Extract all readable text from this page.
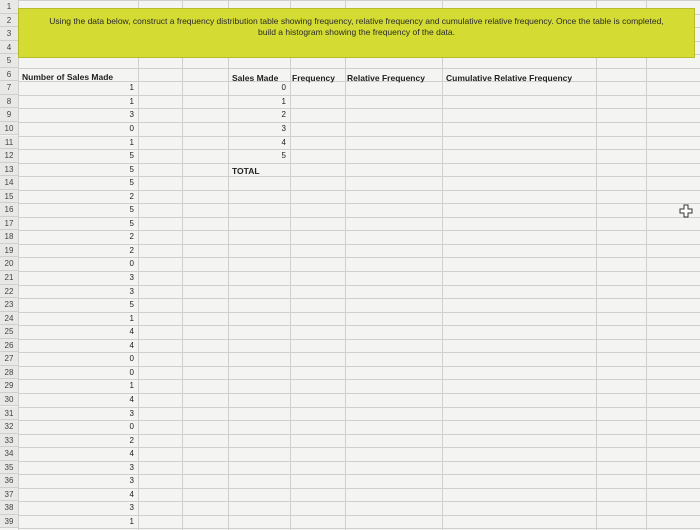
Using the data below, construct a frequency distribution table showing frequency, relative frequency and cumulative relative frequency. Once the table is completed,
build a histogram showing the frequency of the data.
1
2
3
4
5
6
7
8
9
10
11
12
13
14
15
16
17
18
19
20
21
22
23
24
25
26
27
28
29
30
31
32
33
34
35
36
37
38
39
Number of Sales Made	Sales Made Frequency Relative Frequency Cumulative Relative Frequency
1
1
3
0
1
5
5
5
2
5
5
2
2
0
3
3
5
1
4
4
0
0
1
4
3
0
2
4
3
3
4
3
1
0
1
2
3
4
5
TOTAL
